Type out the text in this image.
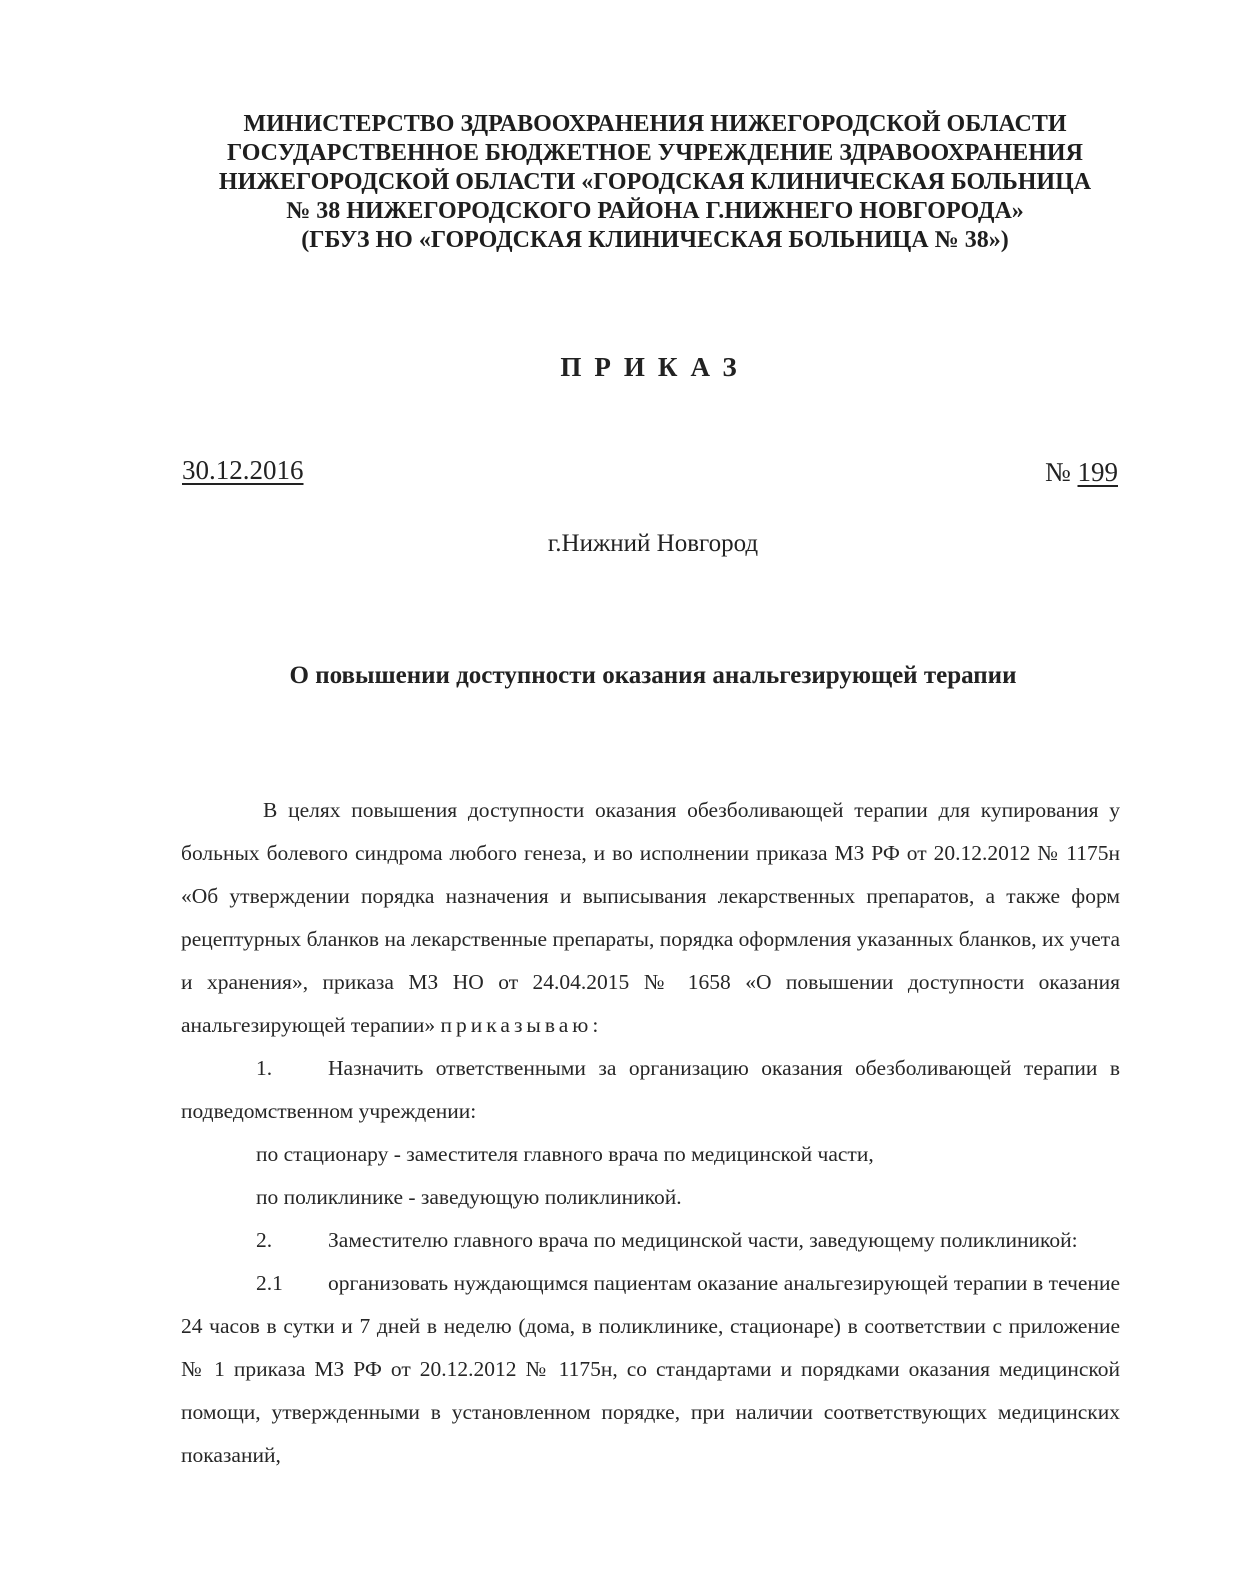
МИНИСТЕРСТВО ЗДРАВООХРАНЕНИЯ НИЖЕГОРОДСКОЙ ОБЛАСТИ
ГОСУДАРСТВЕННОЕ БЮДЖЕТНОЕ УЧРЕЖДЕНИЕ ЗДРАВООХРАНЕНИЯ
НИЖЕГОРОДСКОЙ ОБЛАСТИ «ГОРОДСКАЯ КЛИНИЧЕСКАЯ БОЛЬНИЦА
№ 38 НИЖЕГОРОДСКОГО РАЙОНА Г.НИЖНЕГО НОВГОРОДА»
(ГБУЗ НО «ГОРОДСКАЯ КЛИНИЧЕСКАЯ БОЛЬНИЦА № 38»)
ПРИКАЗ
30.12.2016	№ 199
г.Нижний Новгород
О повышении доступности оказания анальгезирующей терапии

В целях повышения доступности оказания обезболивающей терапии для купирования у больных болевого синдрома любого генеза, и во исполнении приказа МЗ РФ от 20.12.2012 № 1175н «Об утверждении порядка назначения и выписывания лекарственных препаратов, а также форм рецептурных бланков на лекарственные препараты, порядка оформления указанных бланков, их учета и хранения», приказа МЗ НО от 24.04.2015 № 1658 «О повышении доступности оказания анальгезирующей терапии» приказываю:

1.	Назначить ответственными за организацию оказания обезболивающей терапии в подведомственном учреждении:

по стационару - заместителя главного врача по медицинской части,

по поликлинике - заведующую поликлиникой.

2.	Заместителю главного врача по медицинской части, заведующему поликлиникой:

2.1 организовать нуждающимся пациентам оказание анальгезирующей терапии в течение 24 часов в сутки и 7 дней в неделю (дома, в поликлинике, стационаре) в соответствии с приложение № 1 приказа МЗ РФ от 20.12.2012 № 1175н, со стандартами и порядками оказания медицинской помощи, утвержденными в установленном порядке, при наличии соответствующих медицинских показаний,
